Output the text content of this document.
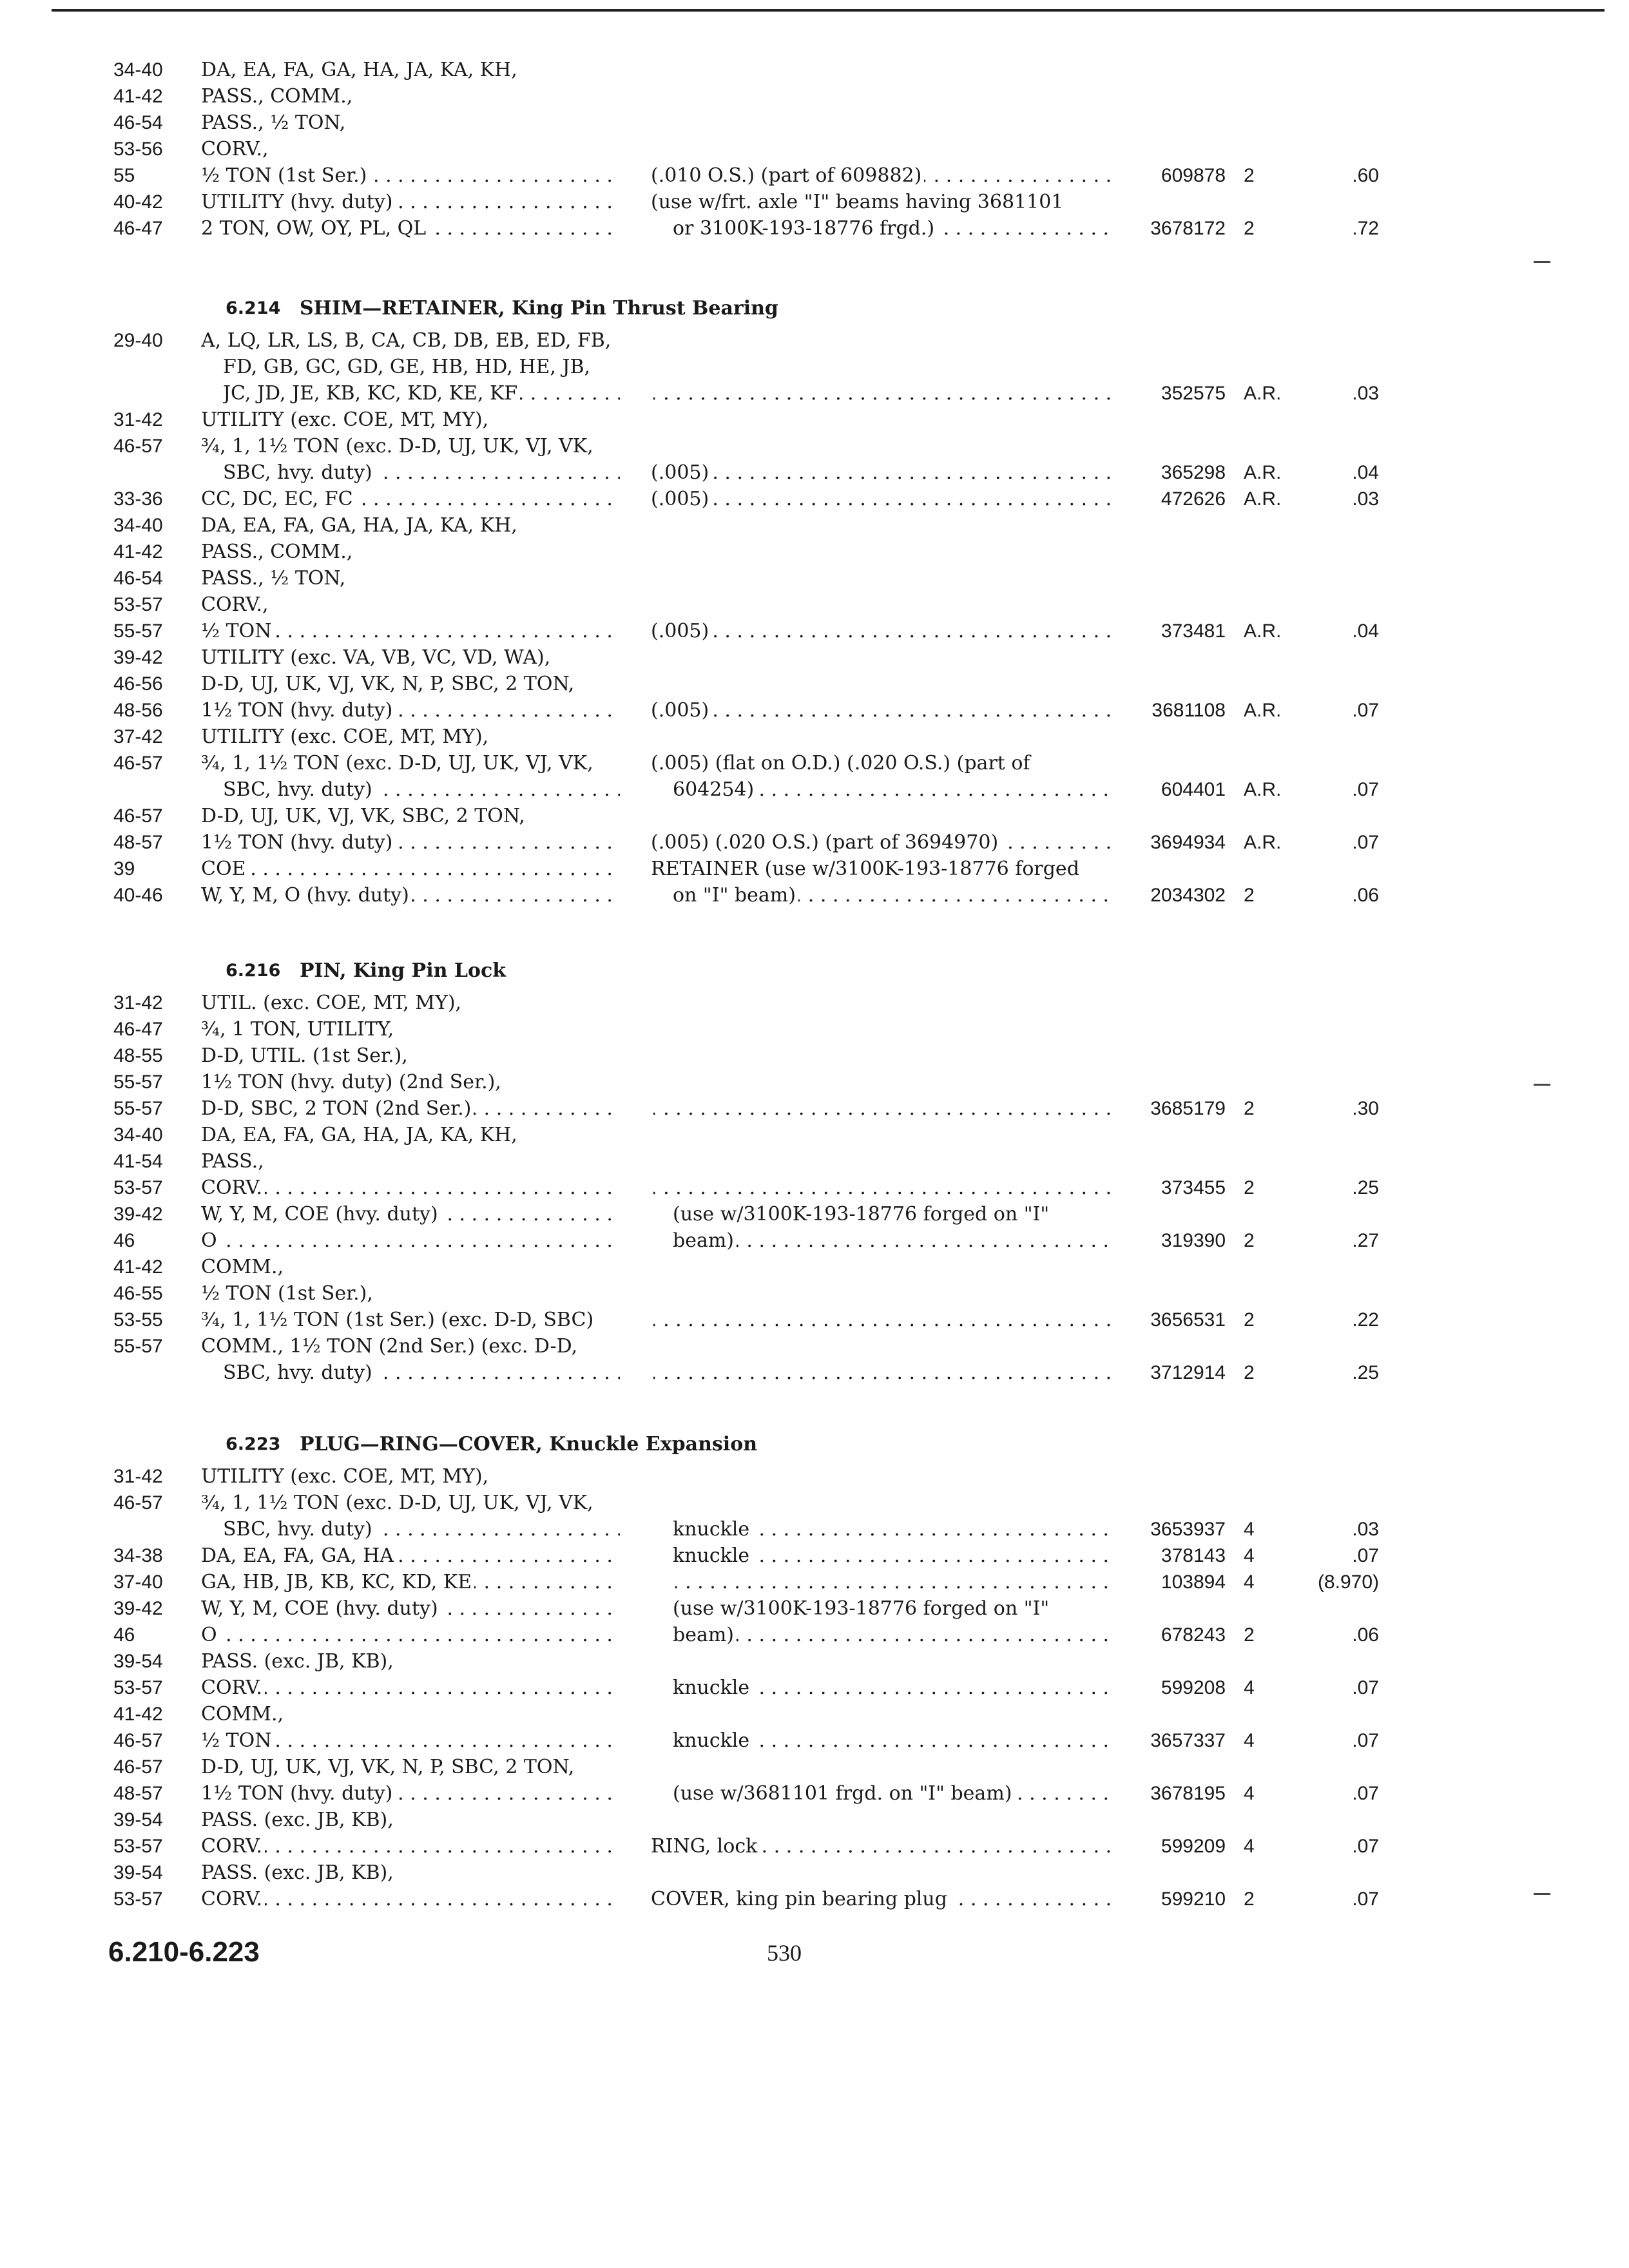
34-40	DA, EA, FA, GA, HA, JA, KA, KH,
41-42	PASS., COMM.,
46-54	PASS., ½ TON,
53-56	CORV.,
55	½ TON (1st Ser.) . . .	(.010 O.S.) (part of 609882) . . .	609878 2	.60
40-42	UTILITY (hvy. duty) . . .	(use w/frt. axle "I" beams having 3681101
46-47	2 TON, OW, OY, PL, QL . . .	or 3100K-193-18776 frgd.) . . .	3678172 2	.72
6.214 SHIM—RETAINER, King Pin Thrust Bearing
29-40	A, LQ, LR, LS, B, CA, CB, DB, EB, ED, FB,
FD, GB, GC, GD, GE, HB, HD, HE, JB,
JC, JD, JE, KB, KC, KD, KE, KF . . . . . .	352575 A.R.	.03
31-42	UTILITY (exc. COE, MT, MY),
46-57	¾, 1, 1½ TON (exc. D-D, UJ, UK, VJ, VK,
SBC, hvy. duty) . . .	(.005) . . .	365298 A.R.	.04
33-36	CC, DC, EC, FC . . .	(.005) . . .	472626 A.R.	.03
34-40	DA, EA, FA, GA, HA, JA, KA, KH,
41-42	PASS., COMM.,
46-54	PASS., ½ TON,
53-57	CORV.,
55-57	½ TON . . .	(.005) . . .	373481 A.R.	.04
39-42	UTILITY (exc. VA, VB, VC, VD, WA),
46-56	D-D, UJ, UK, VJ, VK, N, P, SBC, 2 TON,
48-56	1½ TON (hvy. duty) . . .	(.005) . . .	3681108 A.R.	.07
37-42	UTILITY (exc. COE, MT, MY),
46-57	¾, 1, 1½ TON (exc. D-D, UJ, UK, VJ, VK,	(.005) (flat on O.D.) (.020 O.S.) (part of
SBC, hvy. duty) . . .	604254) . . .	604401 A.R.	.07
46-57	D-D, UJ, UK, VJ, VK, SBC, 2 TON,
48-57	1½ TON (hvy. duty) . . .	(.005) (.020 O.S.) (part of 3694970) . . .	3694934 A.R.	.07
39	COE . . .	RETAINER (use w/3100K-193-18776 forged
40-46	W, Y, M, O (hvy. duty) . . .	on "I" beam) . . .	2034302 2	.06
6.216 PIN, King Pin Lock
31-42	UTIL. (exc. COE, MT, MY),
46-47	¾, 1 TON, UTILITY,
48-55	D-D, UTIL. (1st Ser.),
55-57	1½ TON (hvy. duty) (2nd Ser.),
55-57	D-D, SBC, 2 TON (2nd Ser.) . . . . . .	3685179 2	.30
34-40	DA, EA, FA, GA, HA, JA, KA, KH,
41-54	PASS.,
53-57	CORV. . . . . . .	373455 2	.25
39-42	W, Y, M, COE (hvy. duty) . . .	(use w/3100K-193-18776 forged on "I"
46	O . . .	beam) . . .	319390 2	.27
41-42	COMM.,
46-55	½ TON (1st Ser.),
53-55	¾, 1, 1½ TON (1st Ser.) (exc. D-D, SBC) . . .	3656531 2	.22
55-57	COMM., 1½ TON (2nd Ser.) (exc. D-D,
SBC, hvy. duty) . . . . . .	3712914 2	.25
6.223 PLUG—RING—COVER, Knuckle Expansion
31-42	UTILITY (exc. COE, MT, MY),
46-57	¾, 1, 1½ TON (exc. D-D, UJ, UK, VJ, VK,
SBC, hvy. duty) . . .	knuckle . . .	3653937 4	.03
34-38	DA, EA, FA, GA, HA . . .	knuckle . . .	378143 4	.07
37-40	GA, HB, JB, KB, KC, KD, KE . . . . . .	103894 4	(8.970)
39-42	W, Y, M, COE (hvy. duty) . . .	(use w/3100K-193-18776 forged on "I"
46	O . . .	beam) . . .	678243 2	.06
39-54	PASS. (exc. JB, KB),
53-57	CORV. . . .	knuckle . . .	599208 4	.07
41-42	COMM.,
46-57	½ TON . . .	knuckle . . .	3657337 4	.07
46-57	D-D, UJ, UK, VJ, VK, N, P, SBC, 2 TON,
48-57	1½ TON (hvy. duty) . . .	(use w/3681101 frgd. on "I" beam) . . .	3678195 4	.07
39-54	PASS. (exc. JB, KB),
53-57	CORV. . . .	RING, lock . . .	599209 4	.07
39-54	PASS. (exc. JB, KB),
53-57	CORV. . . .	COVER, king pin bearing plug . . .	599210 2	.07
6.210-6.223	530
